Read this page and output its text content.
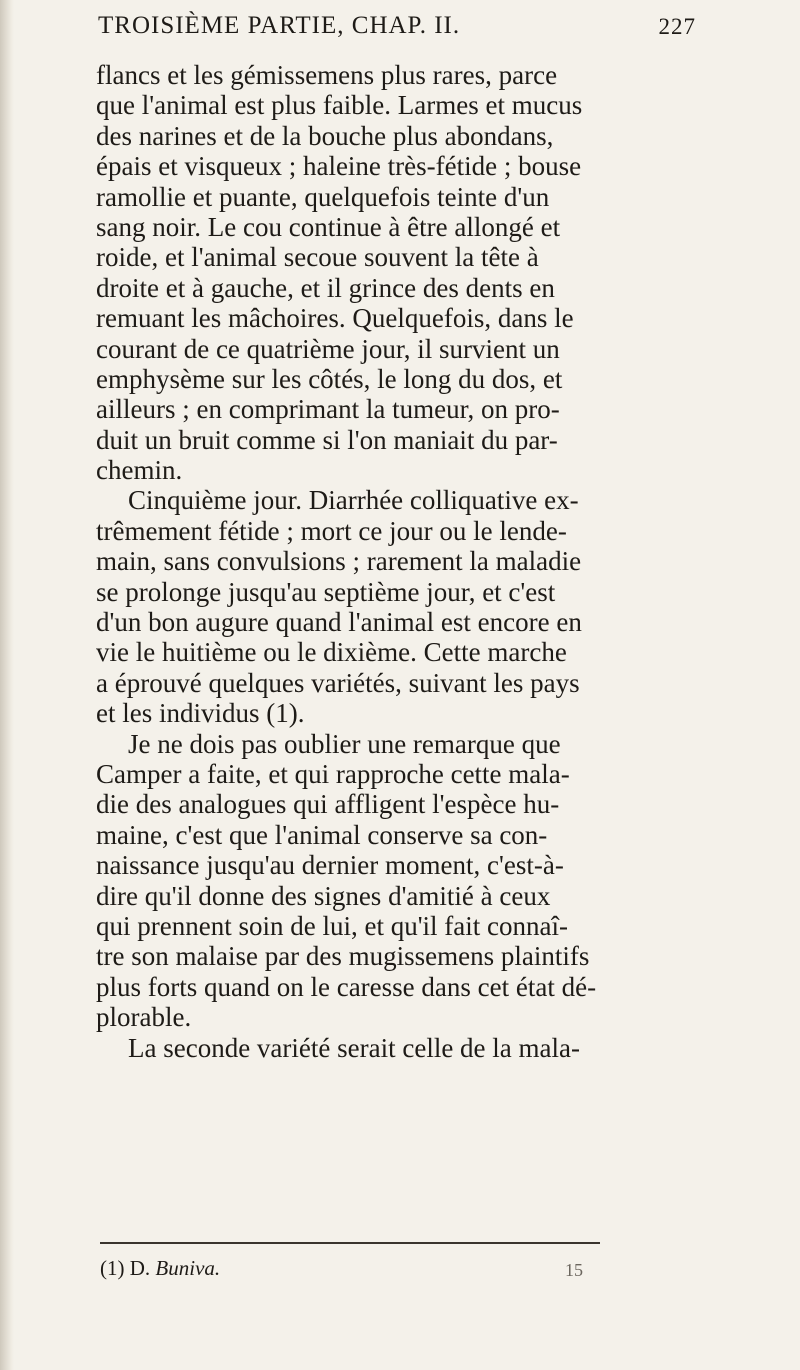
TROISIÈME PARTIE, CHAP. II.	227
flancs et les gémissemens plus rares, parce
que l'animal est plus faible. Larmes et mucus
des narines et de la bouche plus abondans,
épais et visqueux ; haleine très-fétide ; bouse
ramollie et puante, quelquefois teinte d'un
sang noir. Le cou continue à être allongé et
roide, et l'animal secoue souvent la tête à
droite et à gauche, et il grince des dents en
remuant les mâchoires. Quelquefois, dans le
courant de ce quatrième jour, il survient un
emphysème sur les côtés, le long du dos, et
ailleurs ; en comprimant la tumeur, on pro-
duit un bruit comme si l'on maniait du par-
chemin.
Cinquième jour. Diarrhée colliquative ex-
trêmement fétide ; mort ce jour ou le lende-
main, sans convulsions ; rarement la maladie
se prolonge jusqu'au septième jour, et c'est
d'un bon augure quand l'animal est encore en
vie le huitième ou le dixième. Cette marche
a éprouvé quelques variétés, suivant les pays
et les individus (1).
Je ne dois pas oublier une remarque que
Camper a faite, et qui rapproche cette mala-
die des analogues qui affligent l'espèce hu-
maine, c'est que l'animal conserve sa con-
naissance jusqu'au dernier moment, c'est-à-
dire qu'il donne des signes d'amitié à ceux
qui prennent soin de lui, et qu'il fait connaî-
tre son malaise par des mugissemens plaintifs
plus forts quand on le caresse dans cet état dé-
plorable.
La seconde variété serait celle de la mala-
(1) D. Buniva.	15
